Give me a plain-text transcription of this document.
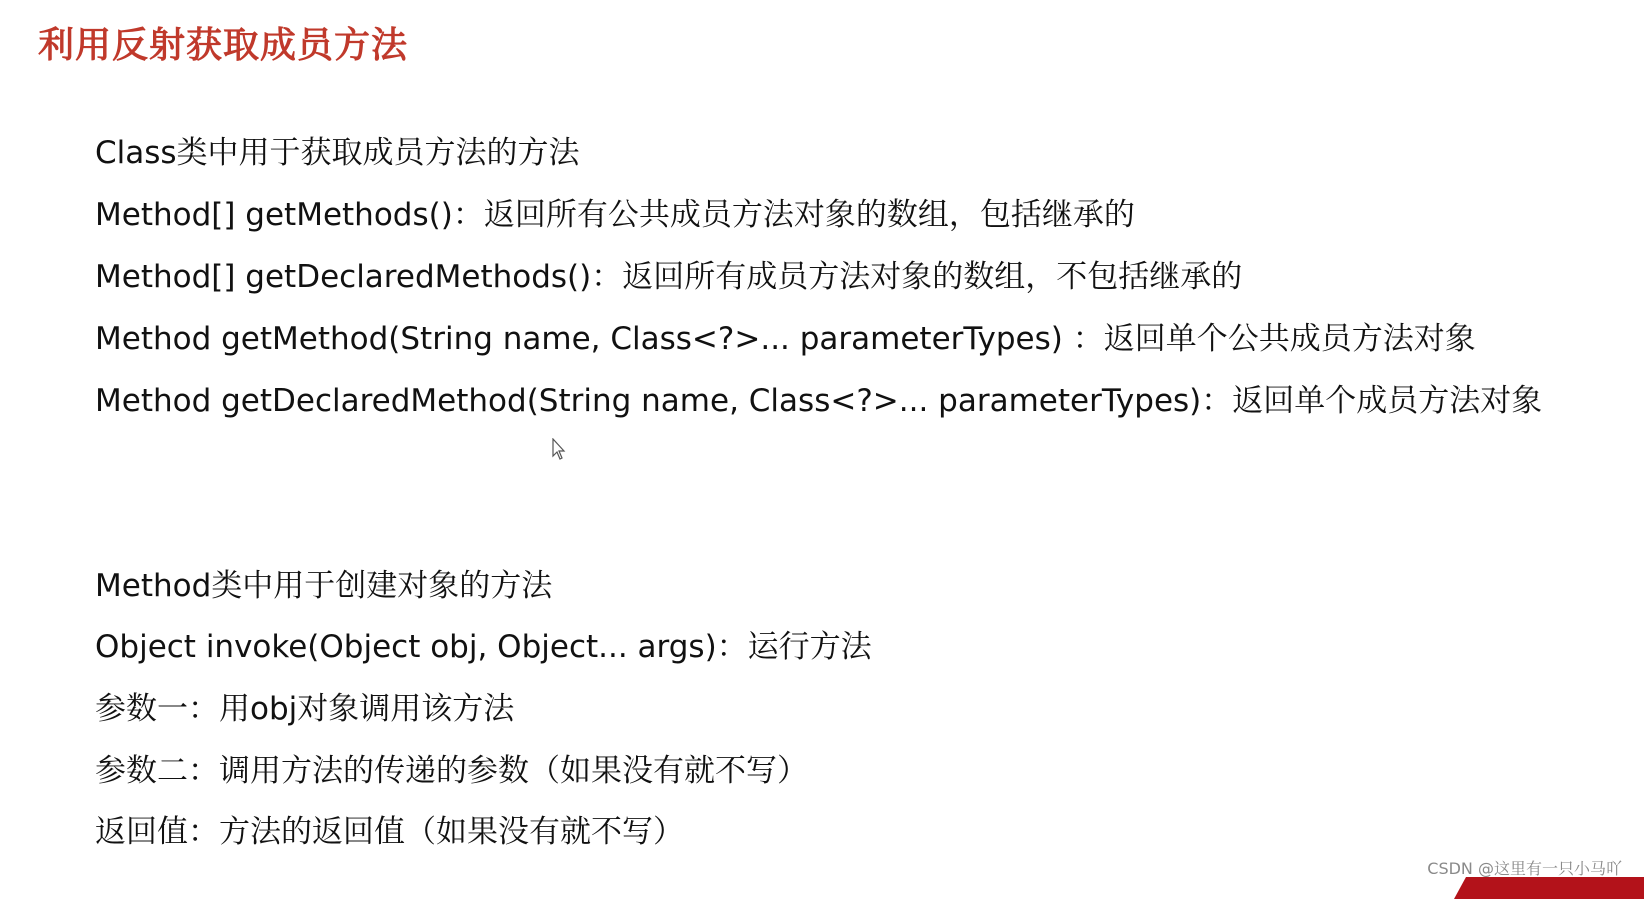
利用反射获取成员方法
Class类中用于获取成员方法的方法
Method[] getMethods()：返回所有公共成员方法对象的数组，包括继承的
Method[] getDeclaredMethods()：返回所有成员方法对象的数组，不包括继承的
Method getMethod(String name, Class<?>... parameterTypes) ：返回单个公共成员方法对象
Method getDeclaredMethod(String name, Class<?>... parameterTypes)：返回单个成员方法对象
Method类中用于创建对象的方法
Object invoke(Object obj, Object... args)：运行方法
参数一：用obj对象调用该方法
参数二：调用方法的传递的参数（如果没有就不写）
返回值：方法的返回值（如果没有就不写）
CSDN @这里有一只小马吖
